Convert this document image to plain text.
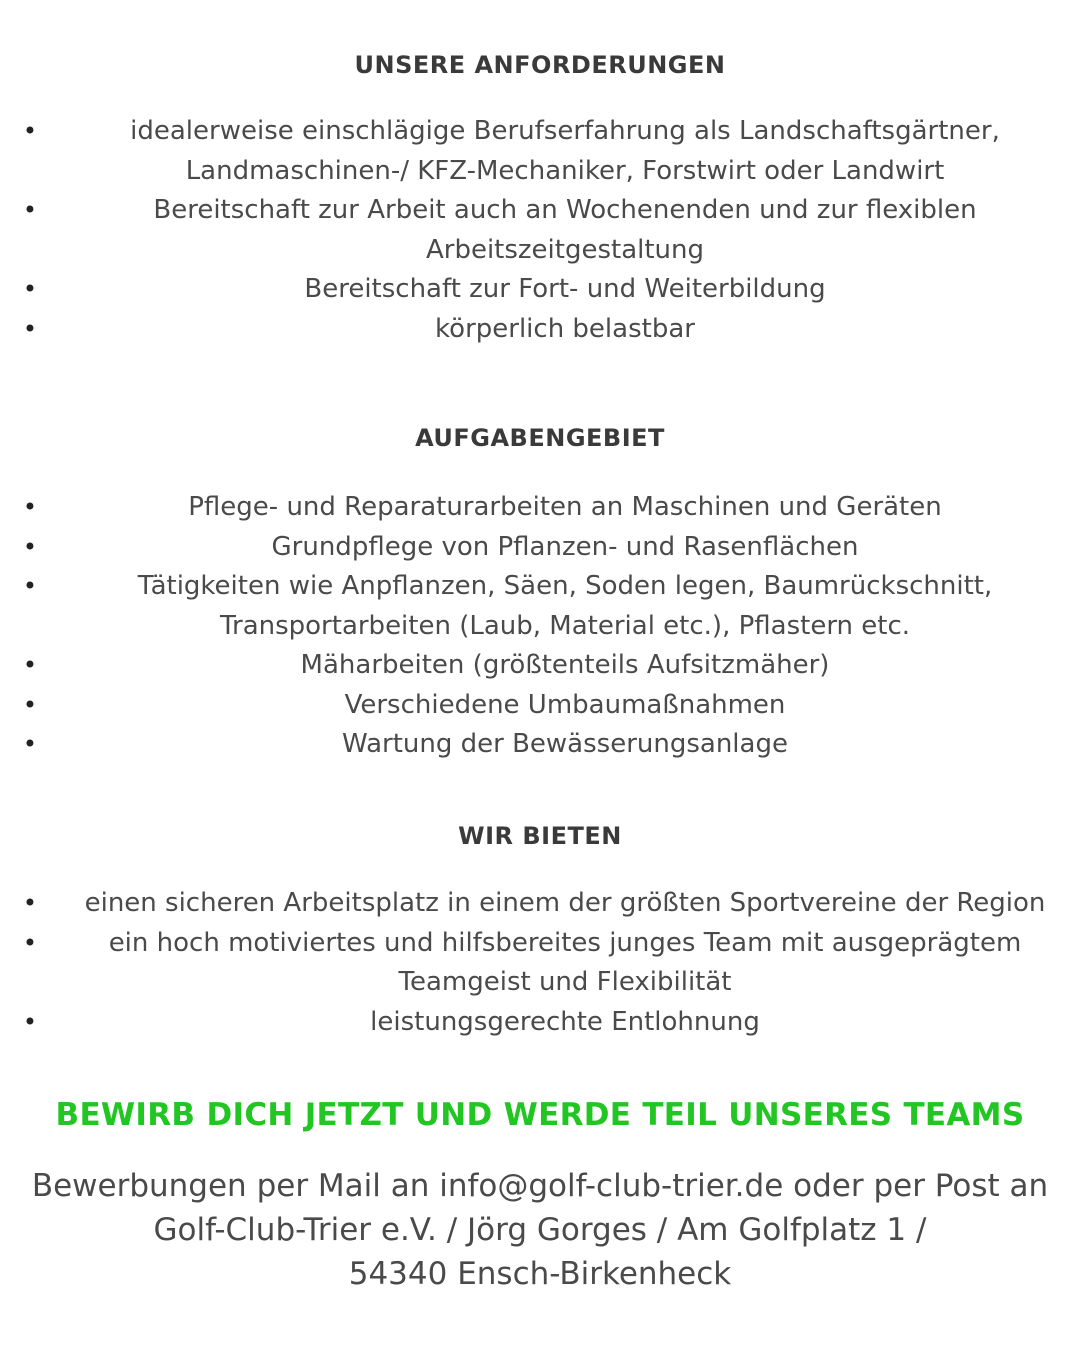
UNSERE ANFORDERUNGEN
•	idealerweise einschlägige Berufserfahrung als Landschaftsgärtner,
Landmaschinen-/ KFZ-Mechaniker, Forstwirt oder Landwirt
•	Bereitschaft zur Arbeit auch an Wochenenden und zur flexiblen
Arbeitszeitgestaltung
•	Bereitschaft zur Fort- und Weiterbildung
•	körperlich belastbar
AUFGABENGEBIET
•	Pflege- und Reparaturarbeiten an Maschinen und Geräten
•	Grundpflege von Pflanzen- und Rasenflächen
•	Tätigkeiten wie Anpflanzen, Säen, Soden legen, Baumrückschnitt,
Transportarbeiten (Laub, Material etc.), Pflastern etc.
•	Mäharbeiten (größtenteils Aufsitzmäher)
•	Verschiedene Umbaumaßnahmen
•	Wartung der Bewässerungsanlage
WIR BIETEN
• einen sicheren Arbeitsplatz in einem der größten Sportvereine der Region
•	ein hoch motiviertes und hilfsbereites junges Team mit ausgeprägtem
Teamgeist und Flexibilität
•	leistungsgerechte Entlohnung
BEWIRB DICH JETZT UND WERDE TEIL UNSERES TEAMS
Bewerbungen per Mail an info@golf-club-trier.de oder per Post an
Golf-Club-Trier e.V. / Jörg Gorges / Am Golfplatz 1 /
54340 Ensch-Birkenheck
